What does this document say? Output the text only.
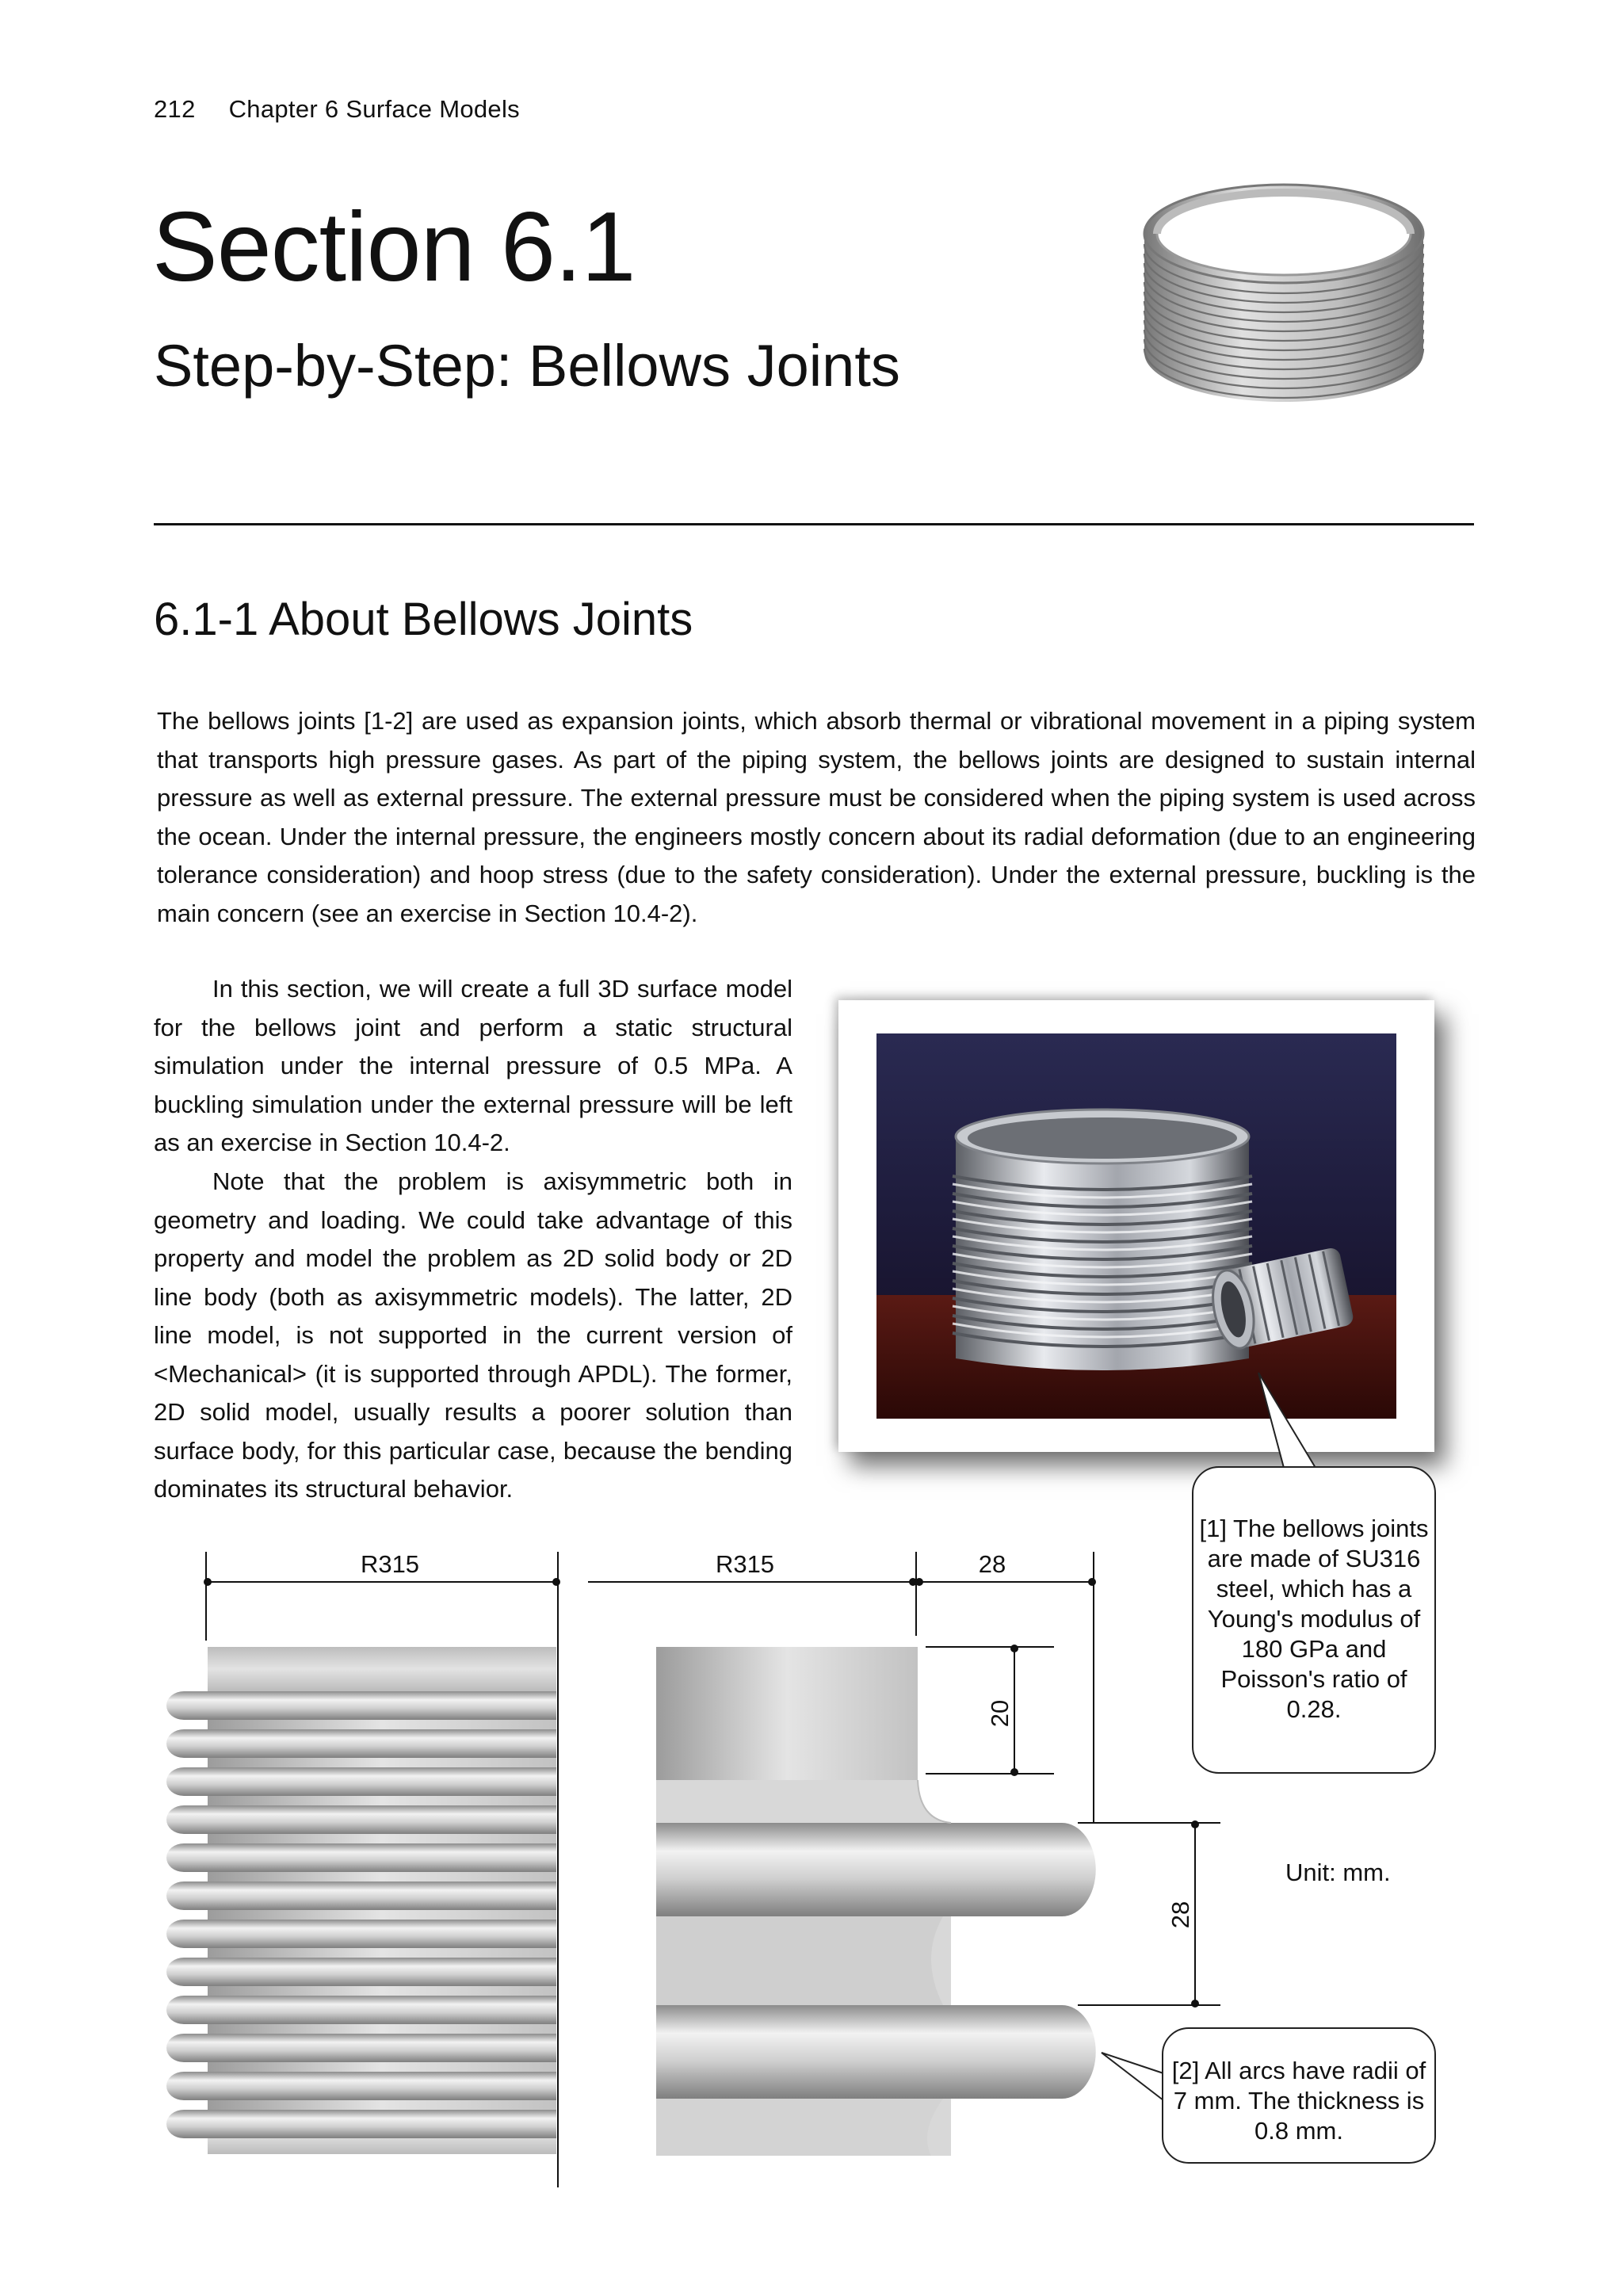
212 Chapter 6 Surface Models
Section 6.1
Step-by-Step: Bellows Joints
6.1-1 About Bellows Joints

The bellows joints [1-2] are used as expansion joints, which absorb thermal or vibrational movement in a piping system that transports high pressure gases. As part of the piping system, the bellows joints are designed to sustain internal pressure as well as external pressure. The external pressure must be considered when the piping system is used across the ocean. Under the internal pressure, the engineers mostly concern about its radial deformation (due to an engineering tolerance consideration) and hoop stress (due to the safety consideration). Under the external pressure, buckling is the main concern (see an exercise in Section 10.4-2).

In this section, we will create a full 3D surface model for the bellows joint and perform a static structural simulation under the internal pressure of 0.5 MPa. A buckling simulation under the external pressure will be left as an exercise in Section 10.4-2.

Note that the problem is axisymmetric both in geometry and loading. We could take advantage of this property and model the problem as 2D solid body or 2D line body (both as axisymmetric models). The latter, 2D line model, is not supported in the current version of <Mechanical> (it is supported through APDL). The former, 2D solid model, usually results a poorer solution than surface body, for this particular case, because the bending dominates its structural behavior.

R315	R315	28
20
28
[1] The bellows joints are made of SU316 steel, which has a Young's modulus of 180 GPa and Poisson's ratio of 0.28.
[2] All arcs have radii of 7 mm. The thickness is 0.8 mm.
Unit: mm.
